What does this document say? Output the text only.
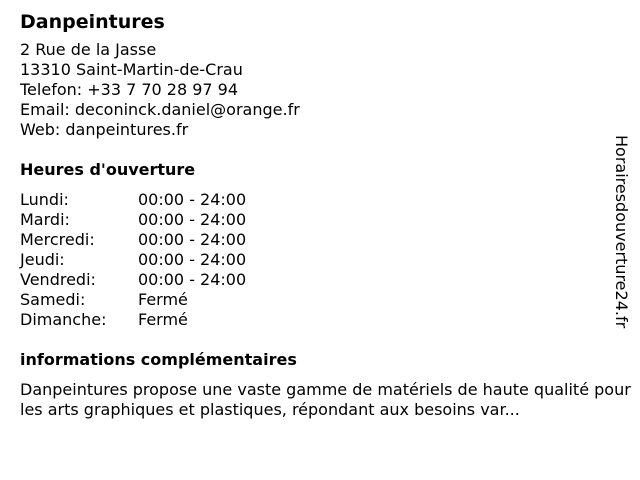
Danpeintures
2 Rue de la Jasse
13310 Saint-Martin-de-Crau
Telefon: +33 7 70 28 97 94
Email: deconinck.daniel@orange.fr
Web: danpeintures.fr
Heures d'ouverture
Lundi:	00:00 - 24:00
Mardi:	00:00 - 24:00
Mercredi:	00:00 - 24:00
Jeudi:	00:00 - 24:00
Vendredi:	00:00 - 24:00
Samedi:	Fermé
Dimanche:	Fermé
informations complémentaires
Danpeintures propose une vaste gamme de matériels de haute qualité pour les arts graphiques et plastiques, répondant aux besoins var...
Horairesdouverture24.fr
